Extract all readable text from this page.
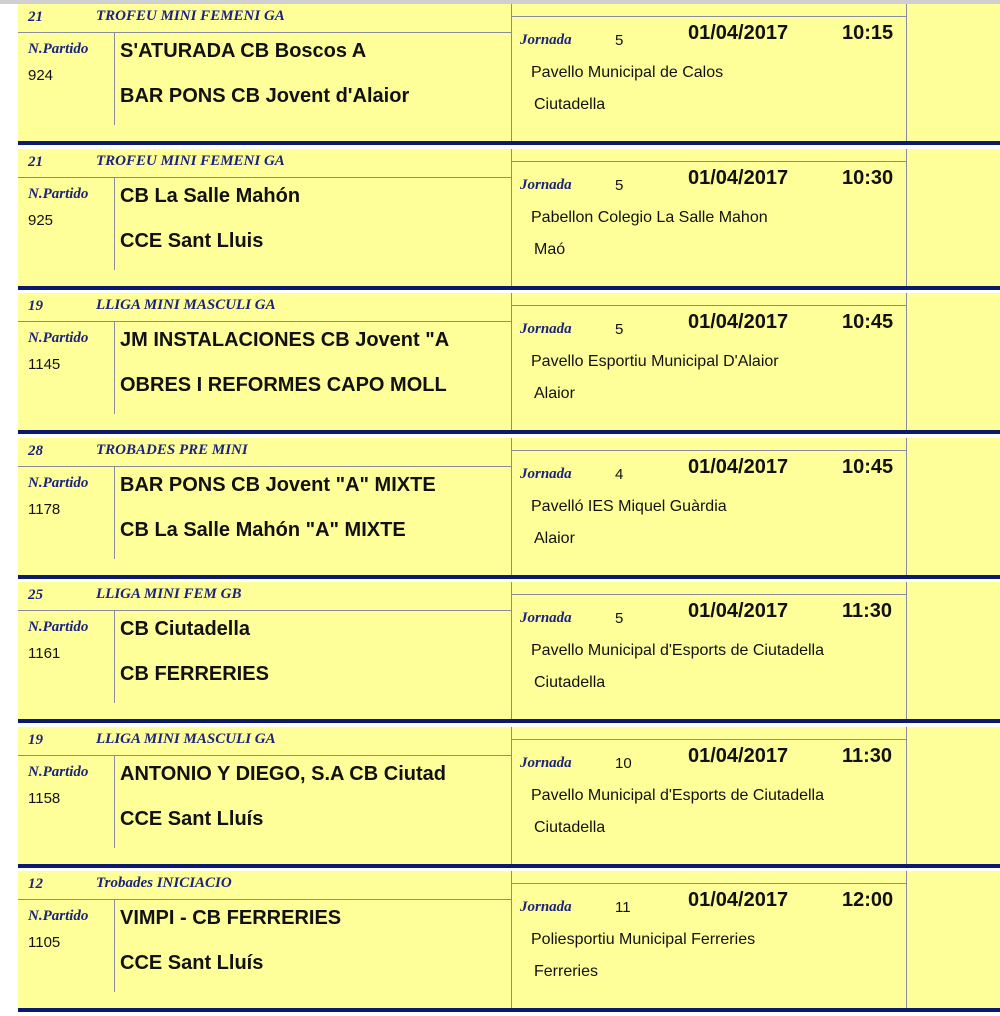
21	TROFEU MINI FEMENI GA
N.Partido
924
S'ATURADA CB Boscos A
BAR PONS CB Jovent d'Alaior
Jornada	5	01/04/2017	10:15
Pavello Municipal de Calos
Ciutadella
21	TROFEU MINI FEMENI GA
N.Partido
925
CB La Salle Mahón
CCE Sant Lluis
Jornada	5	01/04/2017	10:30
Pabellon Colegio La Salle Mahon
Maó
19	LLIGA MINI MASCULI GA
N.Partido
1145
JM INSTALACIONES CB Jovent "A
OBRES I REFORMES CAPO MOLL
Jornada	5	01/04/2017	10:45
Pavello Esportiu Municipal D'Alaior
Alaior
28	TROBADES PRE MINI
N.Partido
1178
BAR PONS CB Jovent "A" MIXTE
CB La Salle Mahón "A" MIXTE
Jornada	4	01/04/2017	10:45
Pavelló IES Miquel Guàrdia
Alaior
25	LLIGA MINI FEM GB
N.Partido
1161
CB Ciutadella
CB FERRERIES
Jornada	5	01/04/2017	11:30
Pavello Municipal d'Esports de Ciutadella
Ciutadella
19	LLIGA MINI MASCULI GA
N.Partido
1158
ANTONIO Y DIEGO, S.A CB Ciutad
CCE Sant Lluís
Jornada	10	01/04/2017	11:30
Pavello Municipal d'Esports de Ciutadella
Ciutadella
12	Trobades INICIACIO
N.Partido
1105
VIMPI - CB FERRERIES
CCE Sant Lluís
Jornada	11	01/04/2017	12:00
Poliesportiu Municipal Ferreries
Ferreries
